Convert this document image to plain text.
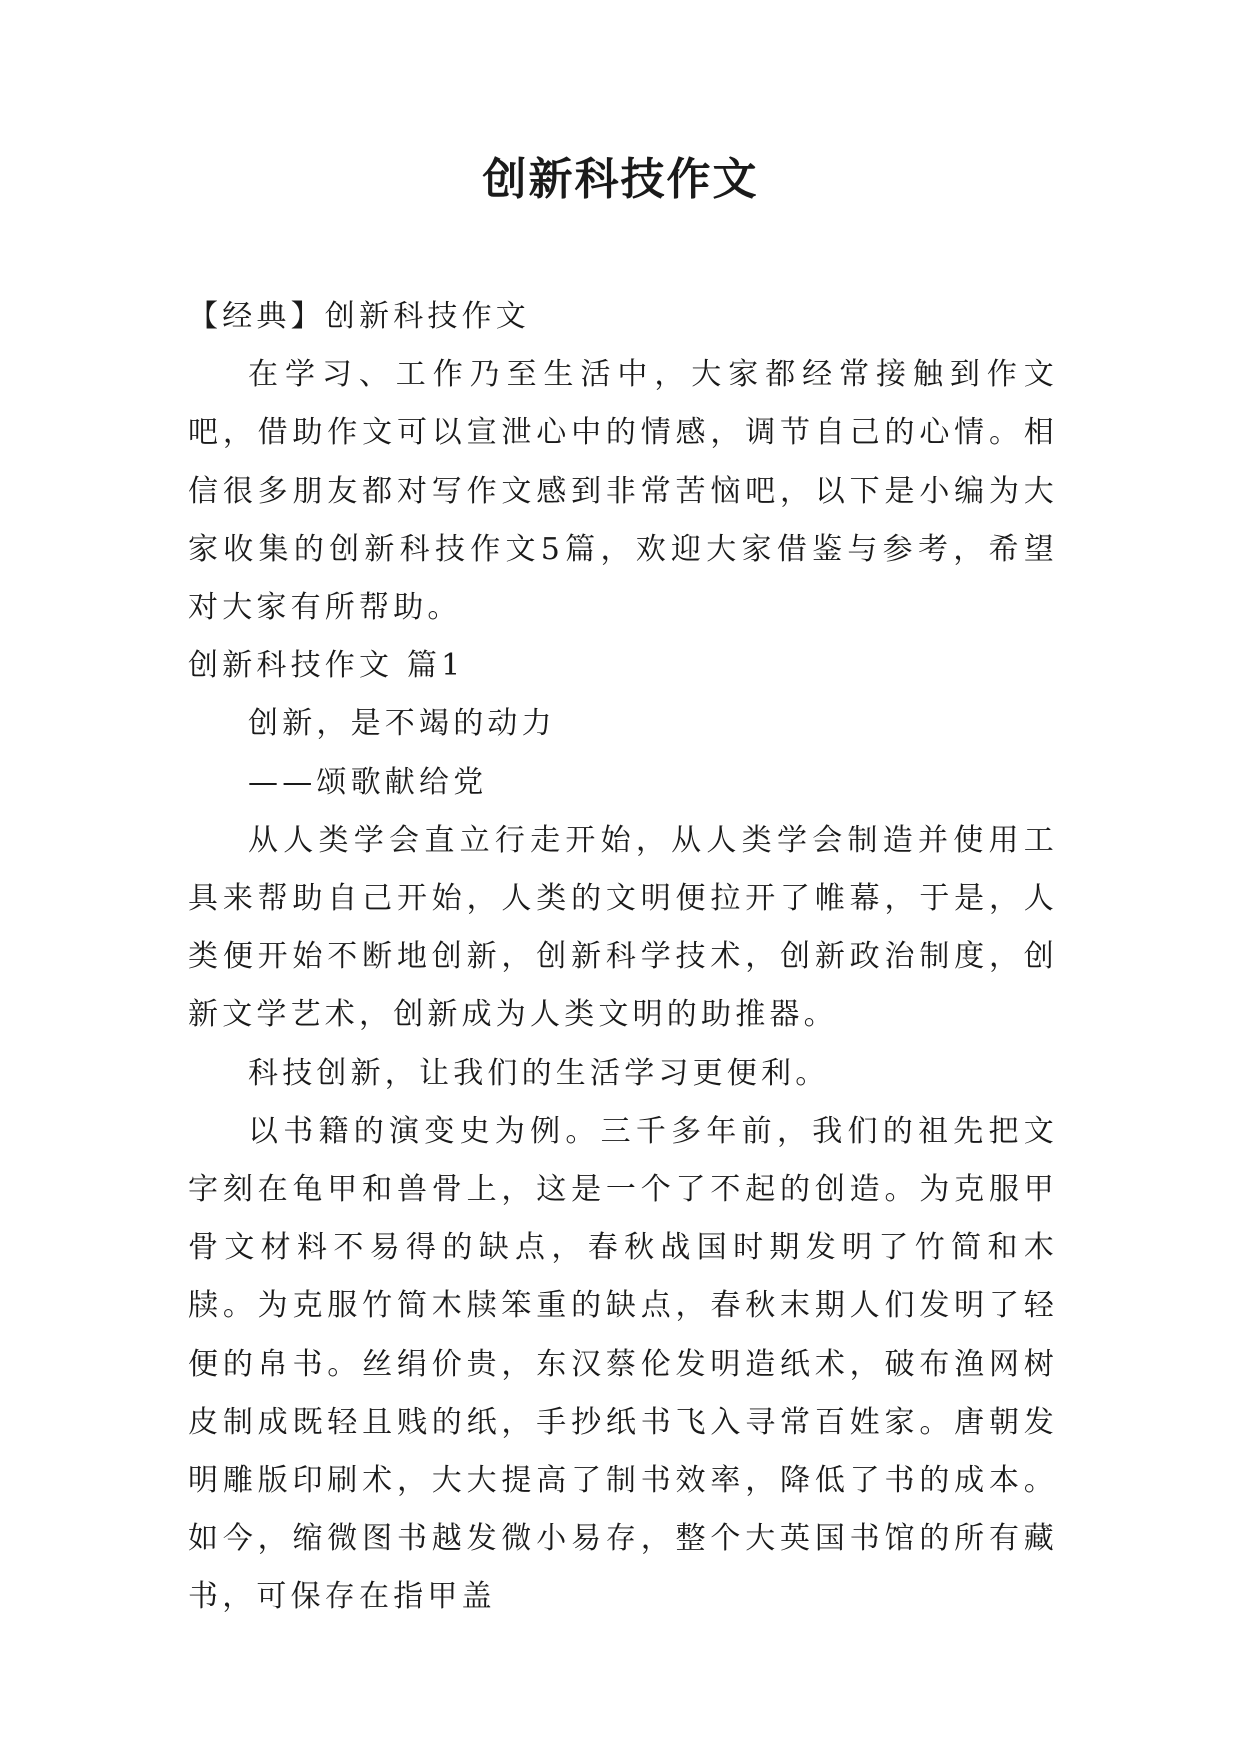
创新科技作文

【经典】创新科技作文

在学习、工作乃至生活中，大家都经常接触到作文吧，借助作文可以宣泄心中的情感，调节自己的心情。相信很多朋友都对写作文感到非常苦恼吧，以下是小编为大家收集的创新科技作文5篇，欢迎大家借鉴与参考，希望对大家有所帮助。

创新科技作文 篇1

创新，是不竭的动力

——颂歌献给党

从人类学会直立行走开始，从人类学会制造并使用工具来帮助自己开始，人类的文明便拉开了帷幕，于是，人类便开始不断地创新，创新科学技术，创新政治制度，创新文学艺术，创新成为人类文明的助推器。

科技创新，让我们的生活学习更便利。

以书籍的演变史为例。三千多年前，我们的祖先把文字刻在龟甲和兽骨上，这是一个了不起的创造。为克服甲骨文材料不易得的缺点，春秋战国时期发明了竹简和木牍。为克服竹简木牍笨重的缺点，春秋末期人们发明了轻便的帛书。丝绢价贵，东汉蔡伦发明造纸术，破布渔网树皮制成既轻且贱的纸，手抄纸书飞入寻常百姓家。唐朝发明雕版印刷术，大大提高了制书效率，降低了书的成本。如今，缩微图书越发微小易存，整个大英国书馆的所有藏书，可保存在指甲盖
